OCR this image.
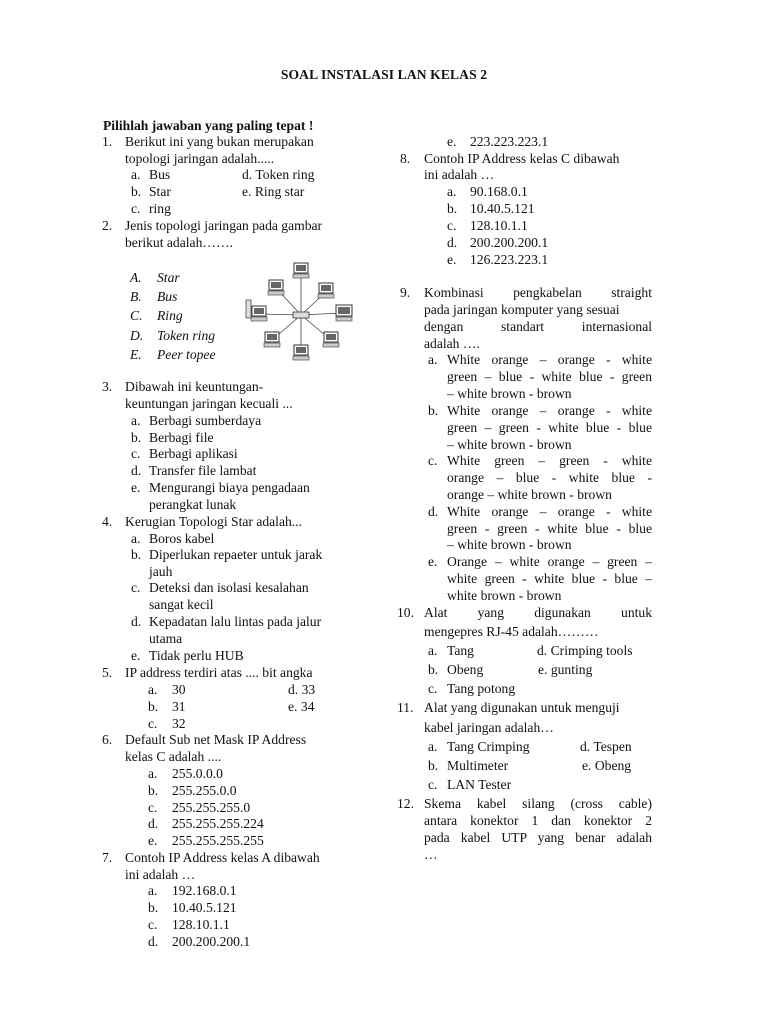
SOAL INSTALASI LAN KELAS 2
Pilihlah jawaban yang paling tepat !
1. Berikut ini yang bukan merupakan
topologi jaringan adalah.....
a. Bus	d. Token ring
b. Star	e. Ring star
c. ring
2. Jenis topologi jaringan pada gambar
berikut adalah…….
A. Star
B. Bus
C. Ring
D. Token ring
E. Peer topee
3. Dibawah ini keuntungan-
keuntungan jaringan kecuali ...
a. Berbagi sumberdaya
b. Berbagi file
c. Berbagi aplikasi
d. Transfer file lambat
e. Mengurangi biaya pengadaan
perangkat lunak
4. Kerugian Topologi Star adalah...
a. Boros kabel
b. Diperlukan repaeter untuk jarak
jauh
c. Deteksi dan isolasi kesalahan
sangat kecil
d. Kepadatan lalu lintas pada jalur
utama
e. Tidak perlu HUB
5. IP address terdiri atas .... bit angka
a. 30	d. 33
b. 31	e. 34
c. 32
6. Default Sub net Mask IP Address
kelas C adalah ....
a. 255.0.0.0
b. 255.255.0.0
c. 255.255.255.0
d. 255.255.255.224
e. 255.255.255.255
7. Contoh IP Address kelas A dibawah
ini adalah …
a. 192.168.0.1
b. 10.40.5.121
c. 128.10.1.1
d. 200.200.200.1
e. 223.223.223.1
8. Contoh IP Address kelas C dibawah
ini adalah …
a. 90.168.0.1
b. 10.40.5.121
c. 128.10.1.1
d. 200.200.200.1
e. 126.223.223.1
9. Kombinasi pengkabelan straight
pada jaringan komputer yang sesuai
dengan standart internasional
adalah ….
a. White orange – orange - white
green – blue - white blue - green
– white brown - brown
b. White orange – orange - white
green – green - white blue - blue
– white brown - brown
c. White green – green - white
orange – blue - white blue -
orange – white brown - brown
d. White orange – orange - white
green - green - white blue - blue
– white brown - brown
e. Orange – white orange – green –
white green - white blue - blue –
white brown - brown
10. Alat yang digunakan untuk
mengepres RJ-45 adalah………
a. Tang	d. Crimping tools
b. Obeng	e. gunting
c. Tang potong
11. Alat yang digunakan untuk menguji
kabel jaringan adalah…
a. Tang Crimping	d. Tespen
b. Multimeter	e. Obeng
c. LAN Tester
12. Skema kabel silang (cross cable)
antara konektor 1 dan konektor 2
pada kabel UTP yang benar adalah
…
